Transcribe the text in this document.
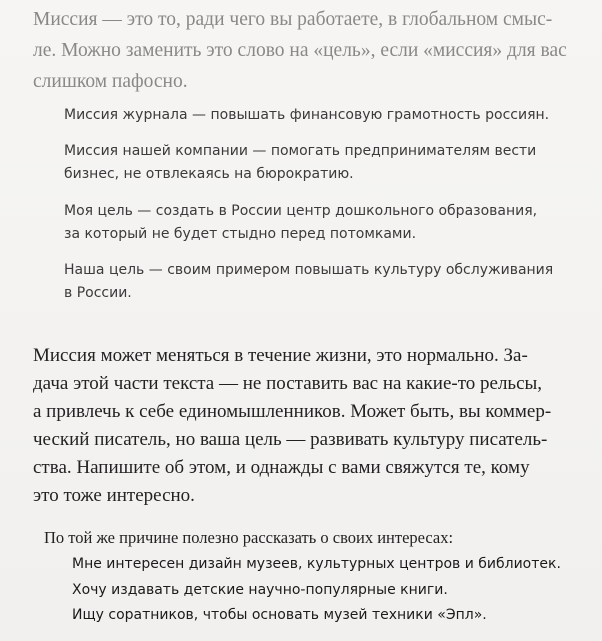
Миссия — это то, ради чего вы работаете, в глобальном смыс-
ле. Можно заменить это слово на «цель», если «миссия» для вас
слишком пафосно.
Миссия журнала — повышать финансовую грамотность россиян.
Миссия нашей компании — помогать предпринимателям вести
бизнес, не отвлекаясь на бюрократию.
Моя цель — создать в России центр дошкольного образования,
за который не будет стыдно перед потомками.
Наша цель — своим примером повышать культуру обслуживания
в России.
Миссия может меняться в течение жизни, это нормально. За-
дача этой части текста — не поставить вас на какие-то рельсы,
а привлечь к себе единомышленников. Может быть, вы коммер-
ческий писатель, но ваша цель — развивать культуру писатель-
ства. Напишите об этом, и однажды с вами свяжутся те, кому
это тоже интересно.
По той же причине полезно рассказать о своих интересах:
Мне интересен дизайн музеев, культурных центров и библиотек.
Хочу издавать детские научно-популярные книги.
Ищу соратников, чтобы основать музей техники «Эпл».
